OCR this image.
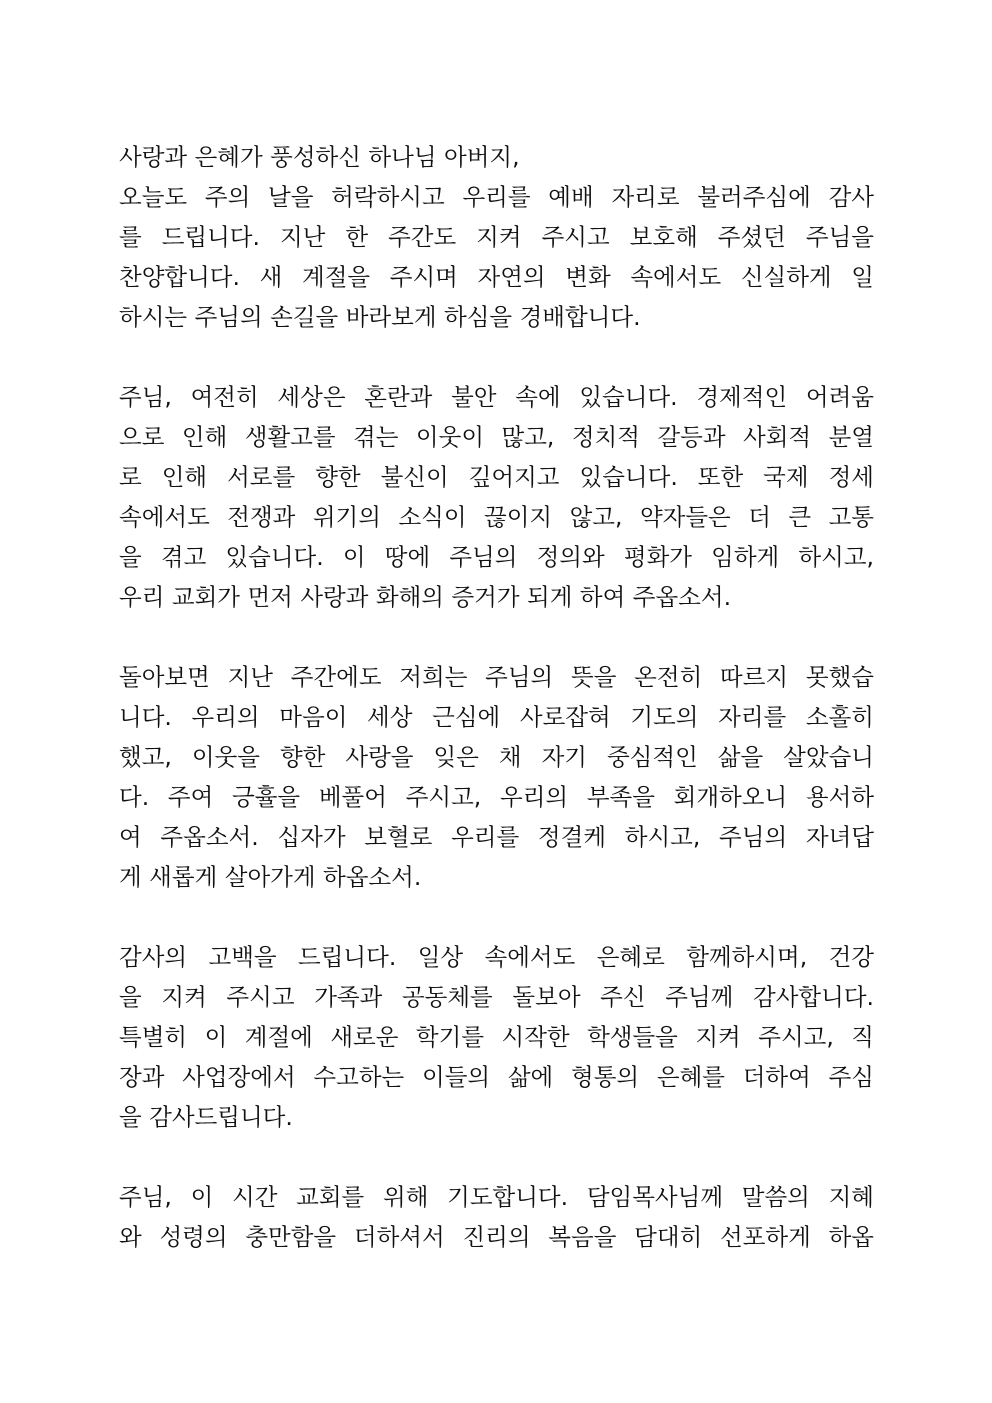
사랑과 은혜가 풍성하신 하나님 아버지,
오늘도 주의 날을 허락하시고 우리를 예배 자리로 불러주심에 감사
를 드립니다. 지난 한 주간도 지켜 주시고 보호해 주셨던 주님을
찬양합니다. 새 계절을 주시며 자연의 변화 속에서도 신실하게 일
하시는 주님의 손길을 바라보게 하심을 경배합니다.
주님, 여전히 세상은 혼란과 불안 속에 있습니다. 경제적인 어려움
으로 인해 생활고를 겪는 이웃이 많고, 정치적 갈등과 사회적 분열
로 인해 서로를 향한 불신이 깊어지고 있습니다. 또한 국제 정세
속에서도 전쟁과 위기의 소식이 끊이지 않고, 약자들은 더 큰 고통
을 겪고 있습니다. 이 땅에 주님의 정의와 평화가 임하게 하시고,
우리 교회가 먼저 사랑과 화해의 증거가 되게 하여 주옵소서.
돌아보면 지난 주간에도 저희는 주님의 뜻을 온전히 따르지 못했습
니다. 우리의 마음이 세상 근심에 사로잡혀 기도의 자리를 소홀히
했고, 이웃을 향한 사랑을 잊은 채 자기 중심적인 삶을 살았습니
다. 주여 긍휼을 베풀어 주시고, 우리의 부족을 회개하오니 용서하
여 주옵소서. 십자가 보혈로 우리를 정결케 하시고, 주님의 자녀답
게 새롭게 살아가게 하옵소서.
감사의 고백을 드립니다. 일상 속에서도 은혜로 함께하시며, 건강
을 지켜 주시고 가족과 공동체를 돌보아 주신 주님께 감사합니다.
특별히 이 계절에 새로운 학기를 시작한 학생들을 지켜 주시고, 직
장과 사업장에서 수고하는 이들의 삶에 형통의 은혜를 더하여 주심
을 감사드립니다.
주님, 이 시간 교회를 위해 기도합니다. 담임목사님께 말씀의 지혜
와 성령의 충만함을 더하셔서 진리의 복음을 담대히 선포하게 하옵
